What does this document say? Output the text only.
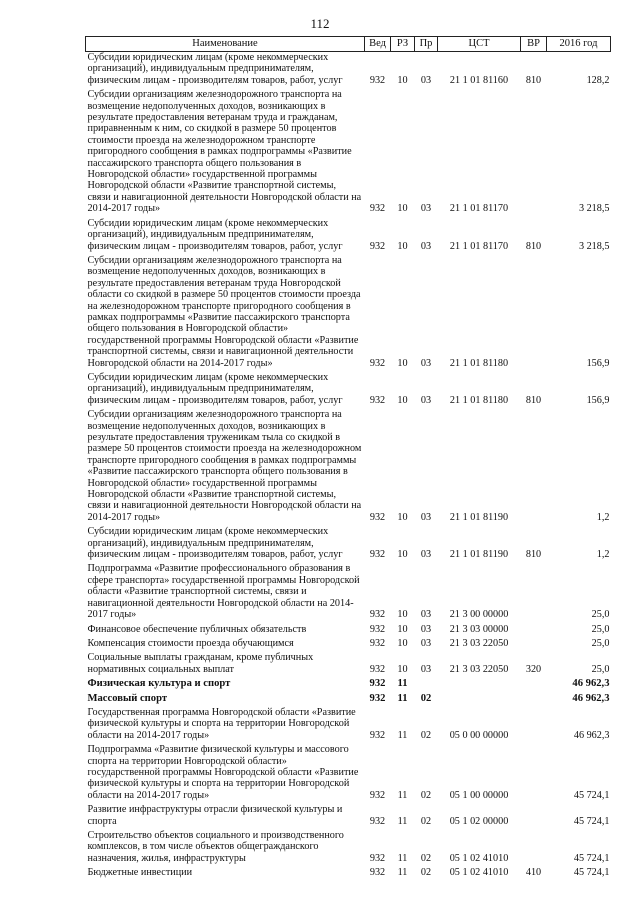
112
Наименование	Вед	РЗ	Пр	ЦСТ	ВР	2016 год
Субсидии юридическим лицам (кроме некоммерческих организаций), индивидуальным предпринимателям, физическим лицам - производителям товаров, работ, услуг	932	10	03	21 1 01 81160	810	128,2
Субсидии организациям железнодорожного транспорта на возмещение недополученных доходов, возникающих в результате предоставления ветеранам труда и гражданам, приравненным к ним, со скидкой в размере 50 процентов стоимости проезда на железнодорожном транспорте пригородного сообщения в рамках подпрограммы «Развитие пассажирского транспорта общего пользования в Новгородской области» государственной программы Новгородской области «Развитие транспортной системы, связи и навигационной деятельности Новгородской области на 2014-2017 годы»	932	10	03	21 1 01 81170		3 218,5
Субсидии юридическим лицам (кроме некоммерческих организаций), индивидуальным предпринимателям, физическим лицам - производителям товаров, работ, услуг	932	10	03	21 1 01 81170	810	3 218,5
Субсидии организациям железнодорожного транспорта на возмещение недополученных доходов, возникающих в результате предоставления ветеранам труда Новгородской области со скидкой в размере 50 процентов стоимости проезда на железнодорожном транспорте пригородного сообщения в рамках подпрограммы «Развитие пассажирского транспорта общего пользования в Новгородской области» государственной программы Новгородской области «Развитие транспортной системы, связи и навигационной деятельности Новгородской области на 2014-2017 годы»	932	10	03	21 1 01 81180		156,9
Субсидии юридическим лицам (кроме некоммерческих организаций), индивидуальным предпринимателям, физическим лицам - производителям товаров, работ, услуг	932	10	03	21 1 01 81180	810	156,9
Субсидии организациям железнодорожного транспорта на возмещение недополученных доходов, возникающих в результате предоставления труженикам тыла со скидкой в размере 50 процентов стоимости проезда на железнодорожном транспорте пригородного сообщения в рамках подпрограммы «Развитие пассажирского транспорта общего пользования в Новгородской области» государственной программы Новгородской области «Развитие транспортной системы, связи и навигационной деятельности Новгородской области на 2014-2017 годы»	932	10	03	21 1 01 81190		1,2
Субсидии юридическим лицам (кроме некоммерческих организаций), индивидуальным предпринимателям, физическим лицам - производителям товаров, работ, услуг	932	10	03	21 1 01 81190	810	1,2
Подпрограмма «Развитие профессионального образования в сфере транспорта» государственной программы Новгородской области «Развитие транспортной системы, связи и навигационной деятельности Новгородской области на 2014-2017 годы»	932	10	03	21 3 00 00000		25,0
Финансовое обеспечение публичных обязательств	932	10	03	21 3 03 00000		25,0
Компенсация стоимости проезда обучающимся	932	10	03	21 3 03 22050		25,0
Социальные выплаты гражданам, кроме публичных нормативных социальных выплат	932	10	03	21 3 03 22050	320	25,0
Физическая культура и спорт	932	11				46 962,3
Массовый спорт	932	11	02			46 962,3
Государственная программа Новгородской области «Развитие физической культуры и спорта на территории Новгородской области на 2014-2017 годы»	932	11	02	05 0 00 00000		46 962,3
Подпрограмма «Развитие физической культуры и массового спорта на территории Новгородской области» государственной программы Новгородской области «Развитие физической культуры и спорта на территории Новгородской области на 2014-2017 годы»	932	11	02	05 1 00 00000		45 724,1
Развитие инфраструктуры отрасли физической культуры и спорта	932	11	02	05 1 02 00000		45 724,1
Строительство объектов социального и производственного комплексов, в том числе объектов общегражданского назначения, жилья, инфраструктуры	932	11	02	05 1 02 41010		45 724,1
Бюджетные инвестиции	932	11	02	05 1 02 41010	410	45 724,1
